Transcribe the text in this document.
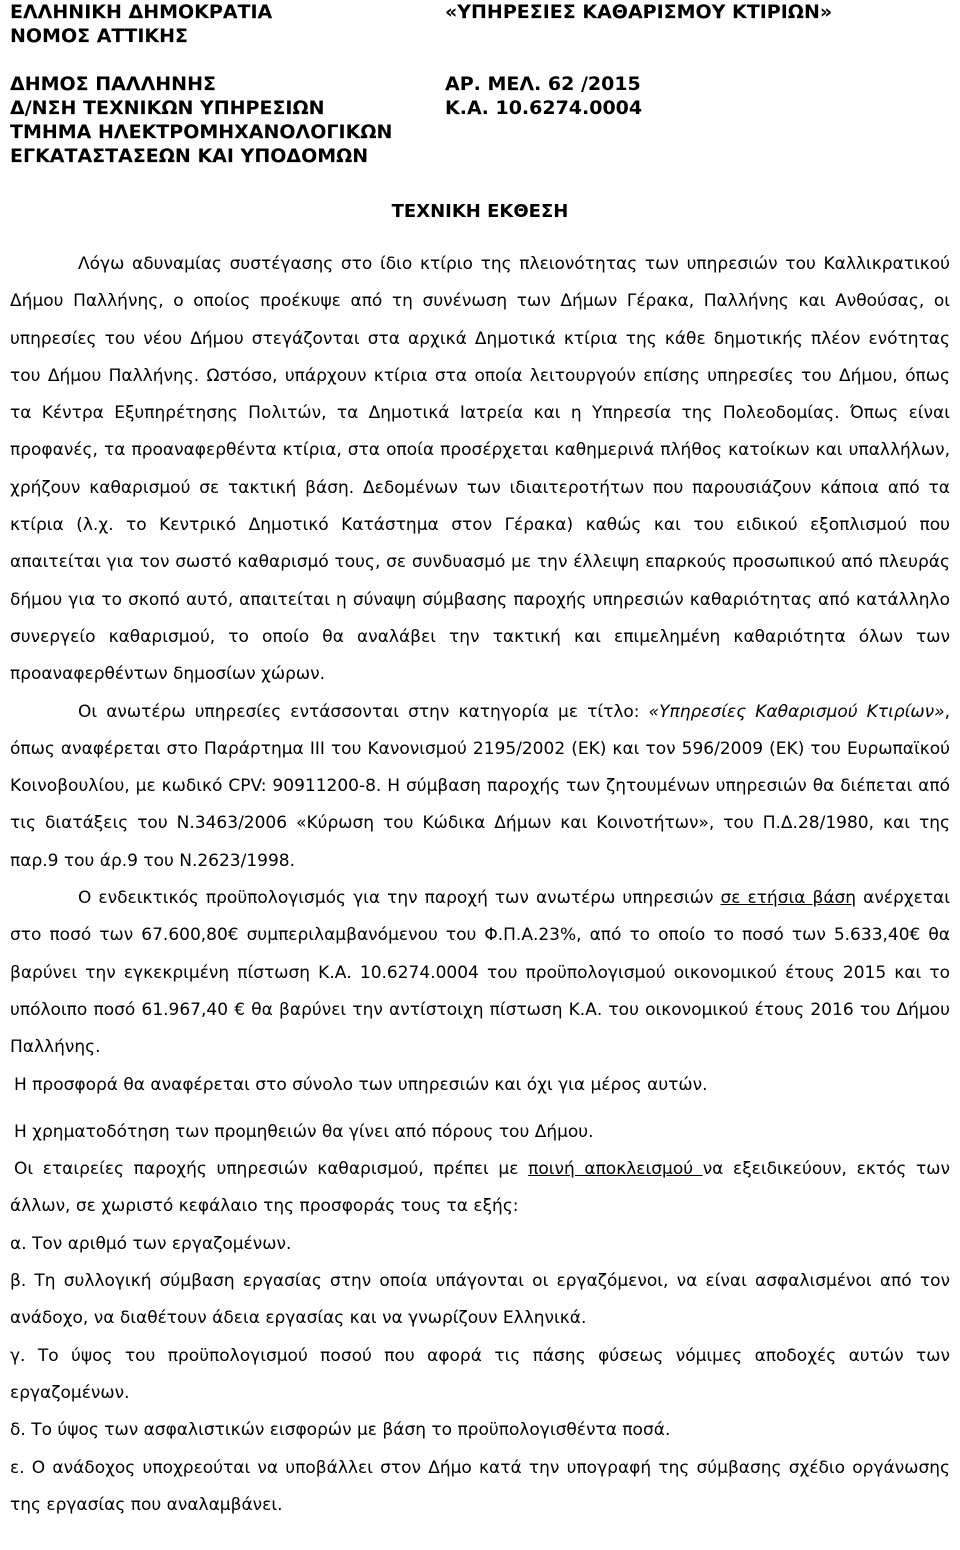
ΕΛΛΗΝΙΚΗ ΔΗΜΟΚΡΑΤΙΑ
ΝΟΜΟΣ ΑΤΤΙΚΗΣ
ΔΗΜΟΣ ΠΑΛΛΗΝΗΣ
Δ/ΝΣΗ ΤΕΧΝΙΚΩΝ ΥΠΗΡΕΣΙΩΝ
ΤΜΗΜΑ ΗΛΕΚΤΡΟΜΗΧΑΝΟΛΟΓΙΚΩΝ
ΕΓΚΑΤΑΣΤΑΣΕΩΝ ΚΑΙ ΥΠΟΔΟΜΩΝ
«ΥΠΗΡΕΣΙΕΣ ΚΑΘΑΡΙΣΜΟΥ ΚΤΙΡΙΩΝ»
ΑΡ. ΜΕΛ. 62 /2015
Κ.Α. 10.6274.0004
ΤΕΧΝΙΚΗ ΕΚΘΕΣΗ

Λόγω αδυναμίας συστέγασης στο ίδιο κτίριο της πλειονότητας των υπηρεσιών του Καλλικρατικού Δήμου Παλλήνης, ο οποίος προέκυψε από τη συνένωση των Δήμων Γέρακα, Παλλήνης και Ανθούσας, οι υπηρεσίες του νέου Δήμου στεγάζονται στα αρχικά Δημοτικά κτίρια της κάθε δημοτικής πλέον ενότητας του Δήμου Παλλήνης. Ωστόσο, υπάρχουν κτίρια στα οποία λειτουργούν επίσης υπηρεσίες του Δήμου, όπως τα Κέντρα Εξυπηρέτησης Πολιτών, τα Δημοτικά Ιατρεία και η Υπηρεσία της Πολεοδομίας. Όπως είναι προφανές, τα προαναφερθέντα κτίρια, στα οποία προσέρχεται καθημερινά πλήθος κατοίκων και υπαλλήλων, χρήζουν καθαρισμού σε τακτική βάση. Δεδομένων των ιδιαιτεροτήτων που παρουσιάζουν κάποια από τα κτίρια (λ.χ. το Κεντρικό Δημοτικό Κατάστημα στον Γέρακα) καθώς και του ειδικού εξοπλισμού που απαιτείται για τον σωστό καθαρισμό τους, σε συνδυασμό με την έλλειψη επαρκούς προσωπικού από πλευράς δήμου για το σκοπό αυτό, απαιτείται η σύναψη σύμβασης παροχής υπηρεσιών καθαριότητας από κατάλληλο συνεργείο καθαρισμού, το οποίο θα αναλάβει την τακτική και επιμελημένη καθαριότητα όλων των προαναφερθέντων δημοσίων χώρων.

Οι ανωτέρω υπηρεσίες εντάσσονται στην κατηγορία με τίτλο: «Υπηρεσίες Καθαρισμού Κτιρίων», όπως αναφέρεται στο Παράρτημα ΙΙΙ του Κανονισμού 2195/2002 (ΕΚ) και τον 596/2009 (ΕΚ) του Ευρωπαϊκού Κοινοβουλίου, με κωδικό CPV: 90911200-8. Η σύμβαση παροχής των ζητουμένων υπηρεσιών θα διέπεται από τις διατάξεις του Ν.3463/2006 «Κύρωση του Κώδικα Δήμων και Κοινοτήτων», του Π.Δ.28/1980, και της παρ.9 του άρ.9 του Ν.2623/1998.

Ο ενδεικτικός προϋπολογισμός για την παροχή των ανωτέρω υπηρεσιών σε ετήσια βάση ανέρχεται στο ποσό των 67.600,80€ συμπεριλαμβανόμενου του Φ.Π.Α.23%, από το οποίο το ποσό των 5.633,40€ θα βαρύνει την εγκεκριμένη πίστωση Κ.Α. 10.6274.0004 του προϋπολογισμού οικονομικού έτους 2015 και το υπόλοιπο ποσό 61.967,40 € θα βαρύνει την αντίστοιχη πίστωση Κ.Α. του οικονομικού έτους 2016 του Δήμου Παλλήνης.

Η προσφορά θα αναφέρεται στο σύνολο των υπηρεσιών και όχι για μέρος αυτών.

Η χρηματοδότηση των προμηθειών θα γίνει από πόρους του Δήμου.

Οι εταιρείες παροχής υπηρεσιών καθαρισμού, πρέπει με ποινή αποκλεισμού να εξειδικεύουν, εκτός των άλλων, σε χωριστό κεφάλαιο της προσφοράς τους τα εξής:

α. Τον αριθμό των εργαζομένων.

β. Τη συλλογική σύμβαση εργασίας στην οποία υπάγονται οι εργαζόμενοι, να είναι ασφαλισμένοι από τον ανάδοχο, να διαθέτουν άδεια εργασίας και να γνωρίζουν Ελληνικά.

γ. Το ύψος του προϋπολογισμού ποσού που αφορά τις πάσης φύσεως νόμιμες αποδοχές αυτών των εργαζομένων.

δ. Το ύψος των ασφαλιστικών εισφορών με βάση το προϋπολογισθέντα ποσά.

ε. Ο ανάδοχος υποχρεούται να υποβάλλει στον Δήμο κατά την υπογραφή της σύμβασης σχέδιο οργάνωσης της εργασίας που αναλαμβάνει.
